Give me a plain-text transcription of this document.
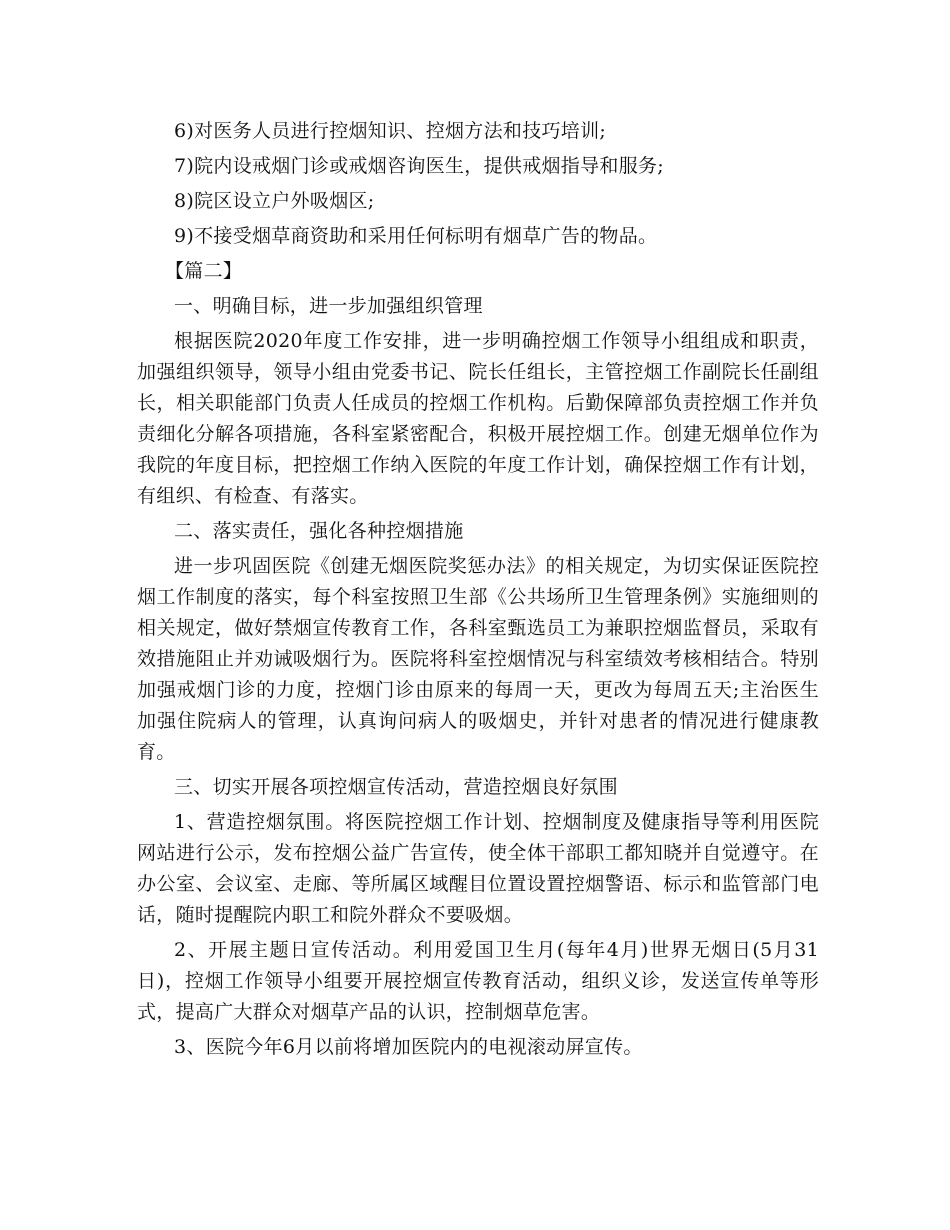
6)对医务人员进行控烟知识、控烟方法和技巧培训;

7)院内设戒烟门诊或戒烟咨询医生，提供戒烟指导和服务;

8)院区设立户外吸烟区;

9)不接受烟草商资助和采用任何标明有烟草广告的物品。

【篇二】

一、明确目标，进一步加强组织管理

根据医院2020年度工作安排，进一步明确控烟工作领导小组组成和职责，加强组织领导，领导小组由党委书记、院长任组长，主管控烟工作副院长任副组长，相关职能部门负责人任成员的控烟工作机构。后勤保障部负责控烟工作并负责细化分解各项措施，各科室紧密配合，积极开展控烟工作。创建无烟单位作为我院的年度目标，把控烟工作纳入医院的年度工作计划，确保控烟工作有计划，有组织、有检查、有落实。

二、落实责任，强化各种控烟措施

进一步巩固医院《创建无烟医院奖惩办法》的相关规定，为切实保证医院控烟工作制度的落实，每个科室按照卫生部《公共场所卫生管理条例》实施细则的相关规定，做好禁烟宣传教育工作，各科室甄选员工为兼职控烟监督员，采取有效措施阻止并劝诫吸烟行为。医院将科室控烟情况与科室绩效考核相结合。特别加强戒烟门诊的力度，控烟门诊由原来的每周一天，更改为每周五天;主治医生加强住院病人的管理，认真询问病人的吸烟史，并针对患者的情况进行健康教育。

三、切实开展各项控烟宣传活动，营造控烟良好氛围

1、营造控烟氛围。将医院控烟工作计划、控烟制度及健康指导等利用医院网站进行公示，发布控烟公益广告宣传，使全体干部职工都知晓并自觉遵守。在办公室、会议室、走廊、等所属区域醒目位置设置控烟警语、标示和监管部门电话，随时提醒院内职工和院外群众不要吸烟。

2、开展主题日宣传活动。利用爱国卫生月(每年4月)世界无烟日(5月31日)，控烟工作领导小组要开展控烟宣传教育活动，组织义诊，发送宣传单等形式，提高广大群众对烟草产品的认识，控制烟草危害。

3、医院今年6月以前将增加医院内的电视滚动屏宣传。
